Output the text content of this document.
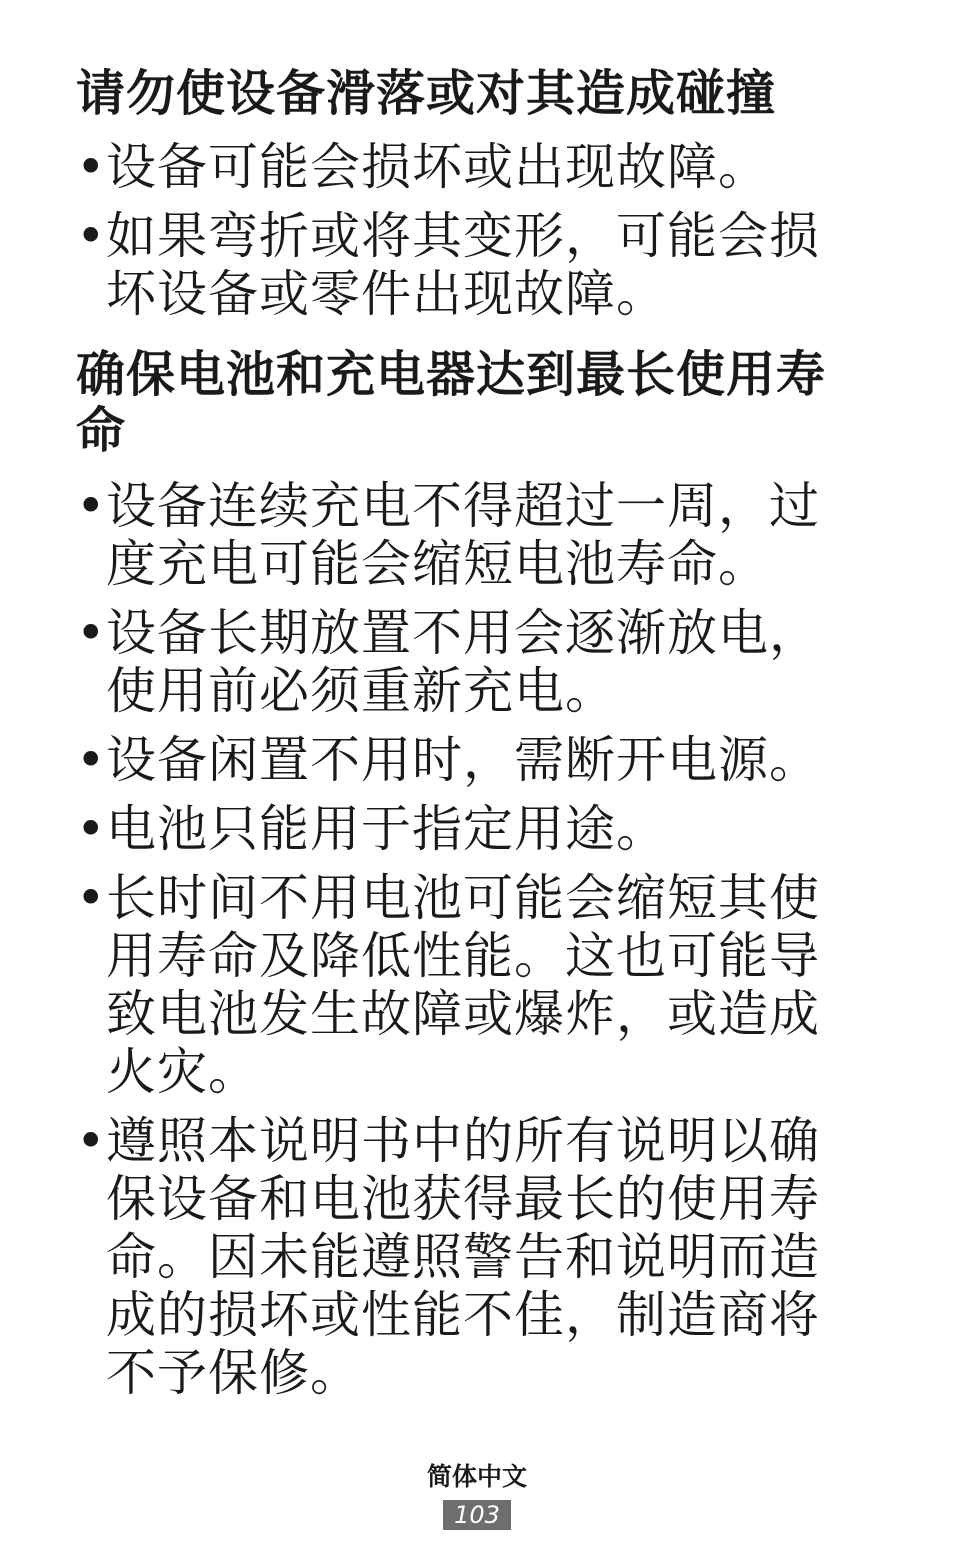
请勿使设备滑落或对其造成碰撞
• 设备可能会损坏或出现故障。
• 如果弯折或将其变形，可能会损坏设备或零件出现故障。
确保电池和充电器达到最长使用寿命
• 设备连续充电不得超过一周，过度充电可能会缩短电池寿命。
• 设备长期放置不用会逐渐放电，使用前必须重新充电。
• 设备闲置不用时，需断开电源。
• 电池只能用于指定用途。
• 长时间不用电池可能会缩短其使用寿命及降低性能。这也可能导致电池发生故障或爆炸，或造成火灾。
• 遵照本说明书中的所有说明以确保设备和电池获得最长的使用寿命。因未能遵照警告和说明而造成的损坏或性能不佳，制造商将不予保修。
简体中文
103
